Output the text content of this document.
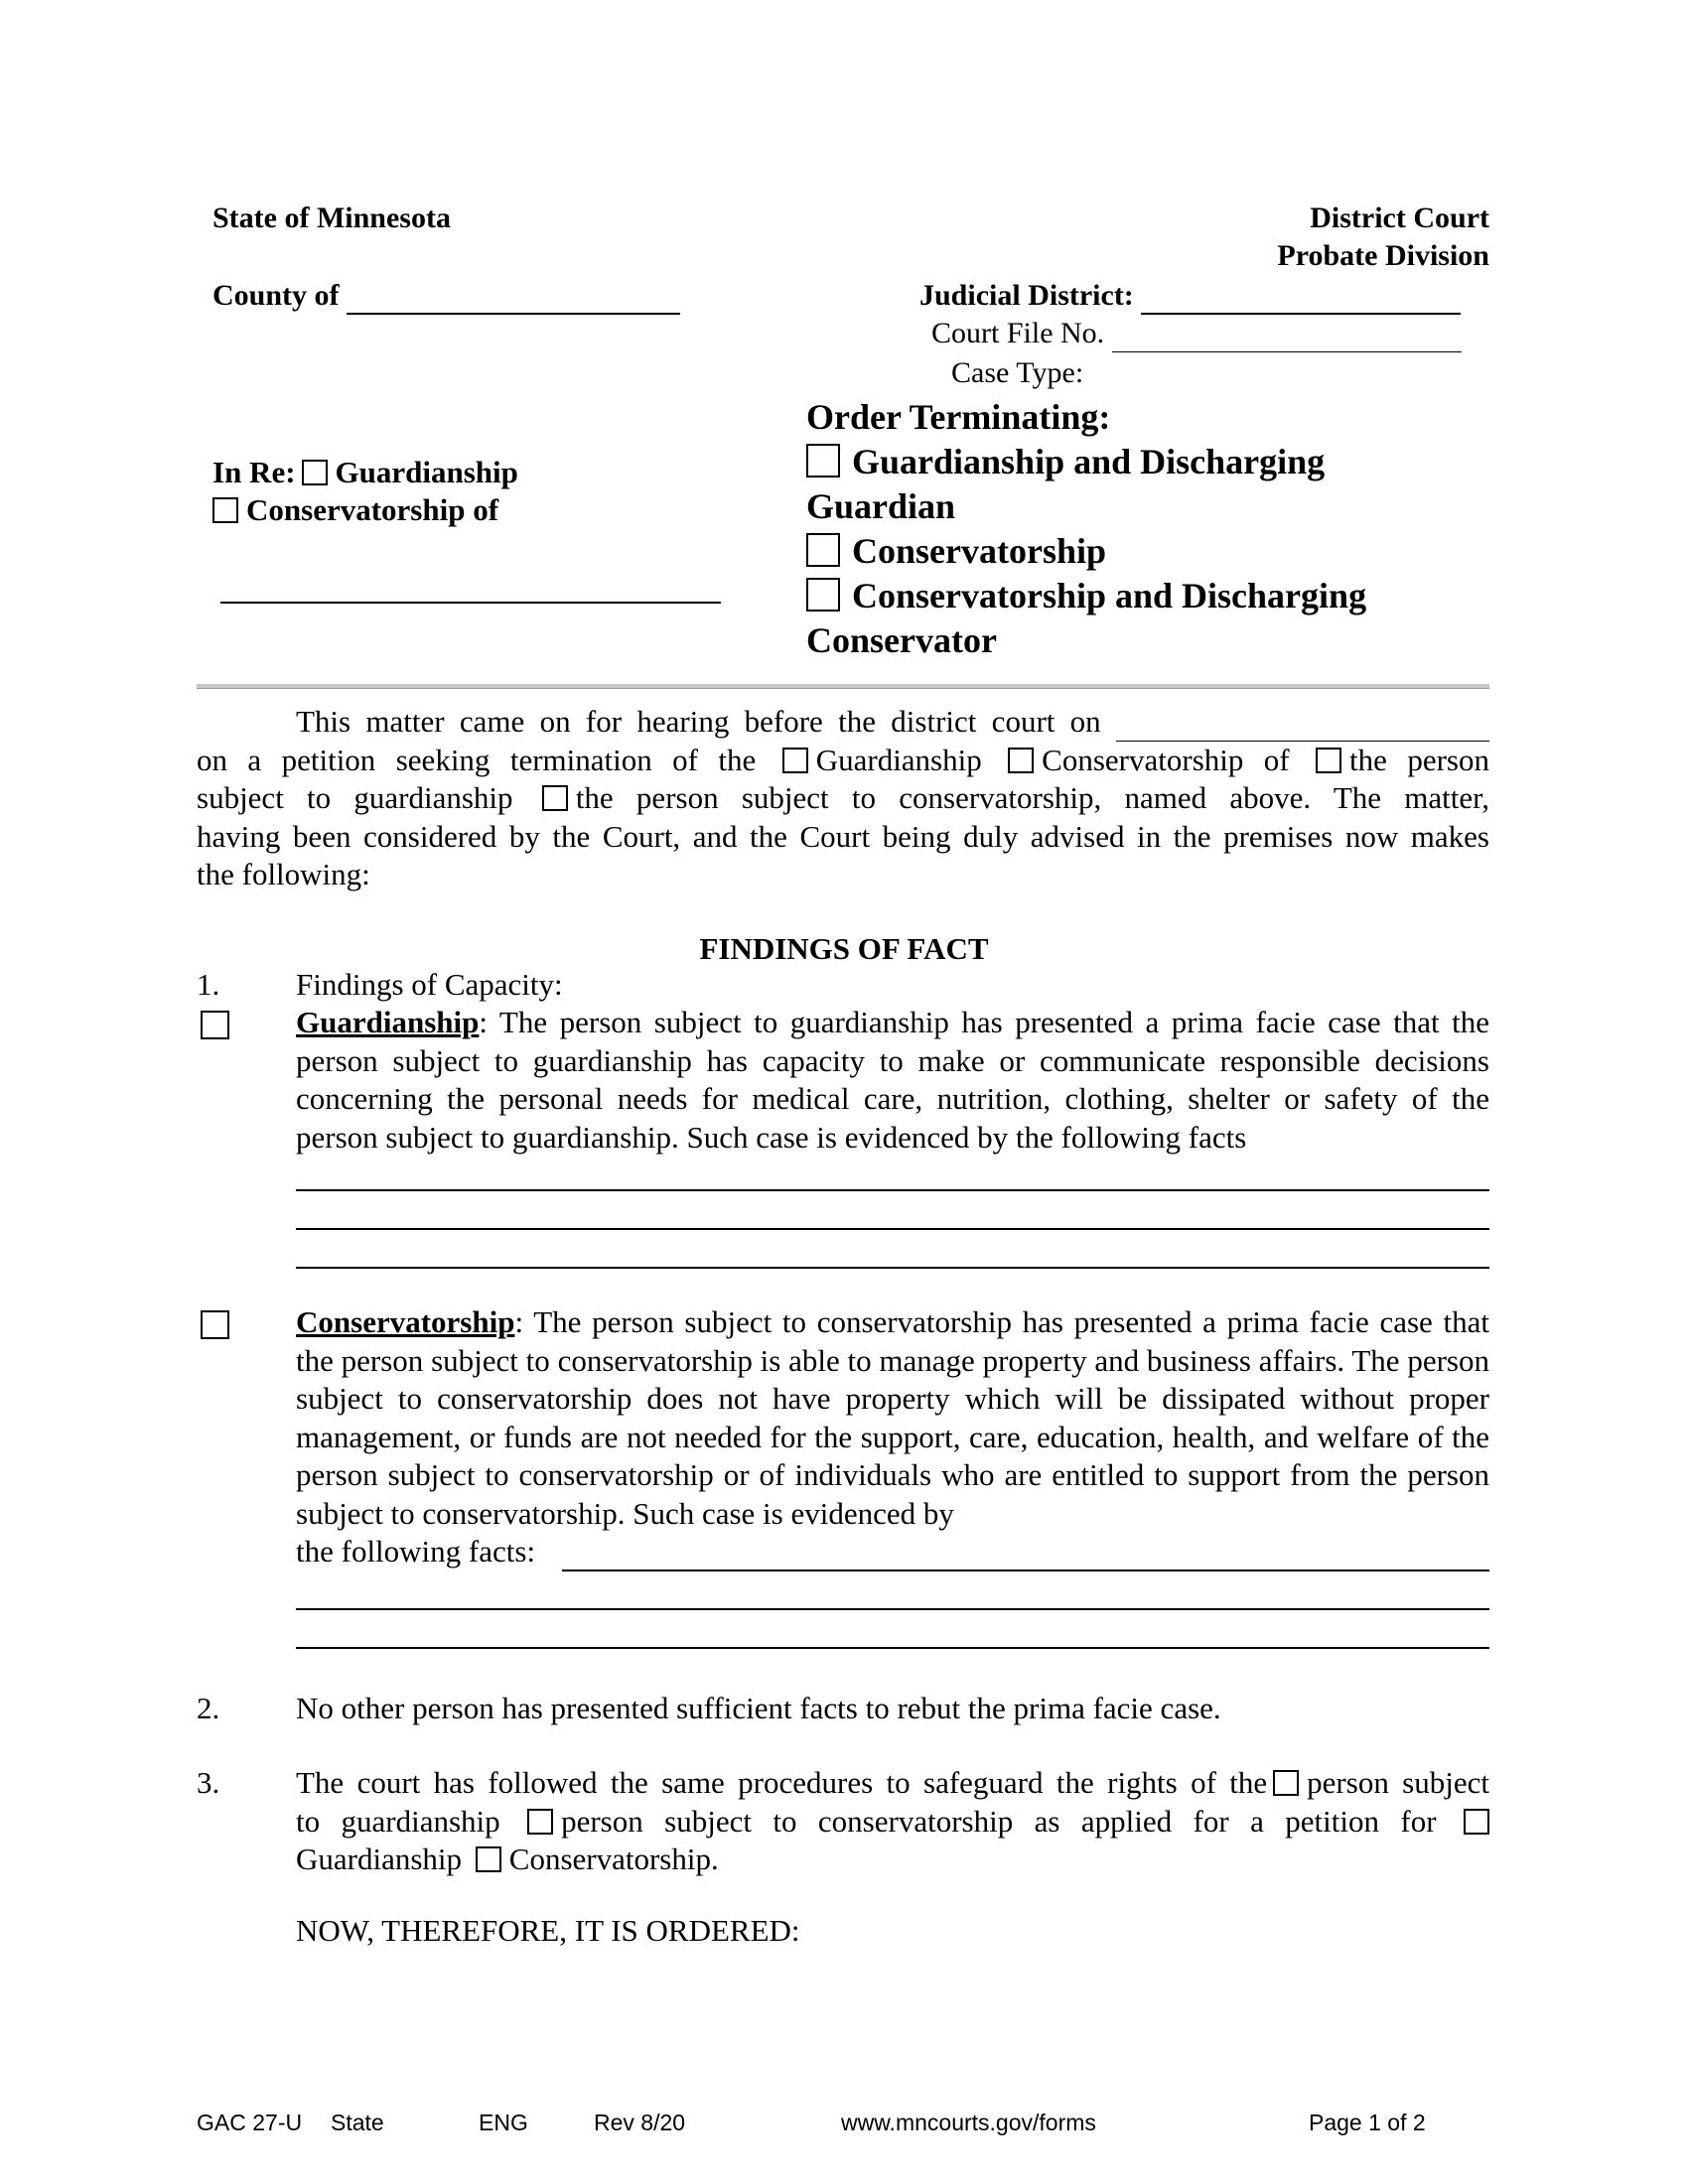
State of Minnesota
County of
District Court
Probate Division
Judicial District:
Court File No.
Case Type:
In Re: Guardianship
Conservatorship of
Order Terminating:
Guardianship and Discharging
Guardian
Conservatorship
Conservatorship and Discharging
Conservator
This matter came on for hearing before the district court on
on a petition seeking termination of the Guardianship Conservatorship of the person
subject to guardianship the person subject to conservatorship, named above. The matter,
having been considered by the Court, and the Court being duly advised in the premises now makes
the following:
FINDINGS OF FACT
1. Findings of Capacity:
Guardianship: The person subject to guardianship has presented a prima facie case that the person subject to guardianship has capacity to make or communicate responsible decisions concerning the personal needs for medical care, nutrition, clothing, shelter or safety of the person subject to guardianship. Such case is evidenced by the following facts
Conservatorship: The person subject to conservatorship has presented a prima facie case that the person subject to conservatorship is able to manage property and business affairs. The person subject to conservatorship does not have property which will be dissipated without proper management, or funds are not needed for the support, care, education, health, and welfare of the person subject to conservatorship or of individuals who are entitled to support from the person subject to conservatorship. Such case is evidenced by
the following facts:
2. No other person has presented sufficient facts to rebut the prima facie case.
3. The court has followed the same procedures to safeguard the rights of the person subject
to guardianship person subject to conservatorship as applied for a petition for
Guardianship Conservatorship.
NOW, THEREFORE, IT IS ORDERED:
GAC 27-U State	ENG	Rev 8/20	www.mncourts.gov/forms	Page 1 of 2
